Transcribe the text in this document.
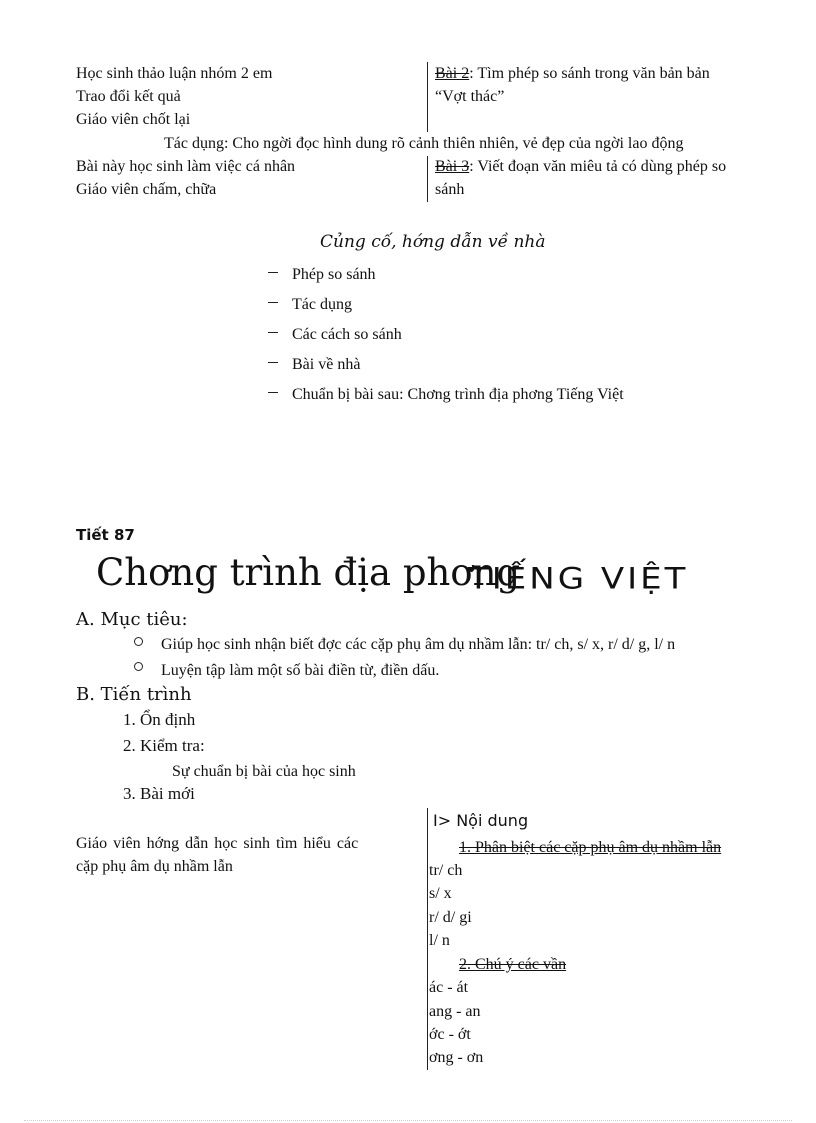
Học sinh thảo luận nhóm 2 em
Trao đổi kết quả
Giáo viên chốt lại
Bài 2: Tìm phép so sánh trong văn bản bản
“Vợt thác”
Tác dụng: Cho ngời đọc hình dung rõ cảnh thiên nhiên, vẻ đẹp của ngời lao động
Bài này học sinh làm việc cá nhân
Giáo viên chấm, chữa
Bài 3: Viết đoạn văn miêu tả có dùng phép so
sánh
Củng cố, hớng dẫn về nhà
Phép so sánh
Tác dụng
Các cách so sánh
Bài về nhà
Chuẩn bị bài sau: Chơng trình địa phơng Tiếng Việt
Tiết 87
Chơng trình địa phơng
TIẾNG VIỆT
A. Mục tiêu:
Giúp học sinh nhận biết đợc các cặp phụ âm dụ nhầm lẫn: tr/ ch, s/ x, r/ d/ g, l/ n
Luyện tập làm một số bài điền từ, điền dấu.
B. Tiến trình
1. Ổn định
2. Kiểm tra:
Sự chuẩn bị bài của học sinh
3. Bài mới
Giáo viên hớng dẫn học sinh tìm hiểu các
cặp phụ âm dụ nhầm lẫn
I> Nội dung
1. Phân biệt các cặp phụ âm dụ nhầm lẫn
tr/ ch
s/ x
r/ d/ gi
l/ n
2. Chú ý các vần
ác - át
ang - an
ớc - ớt
ơng - ơn
